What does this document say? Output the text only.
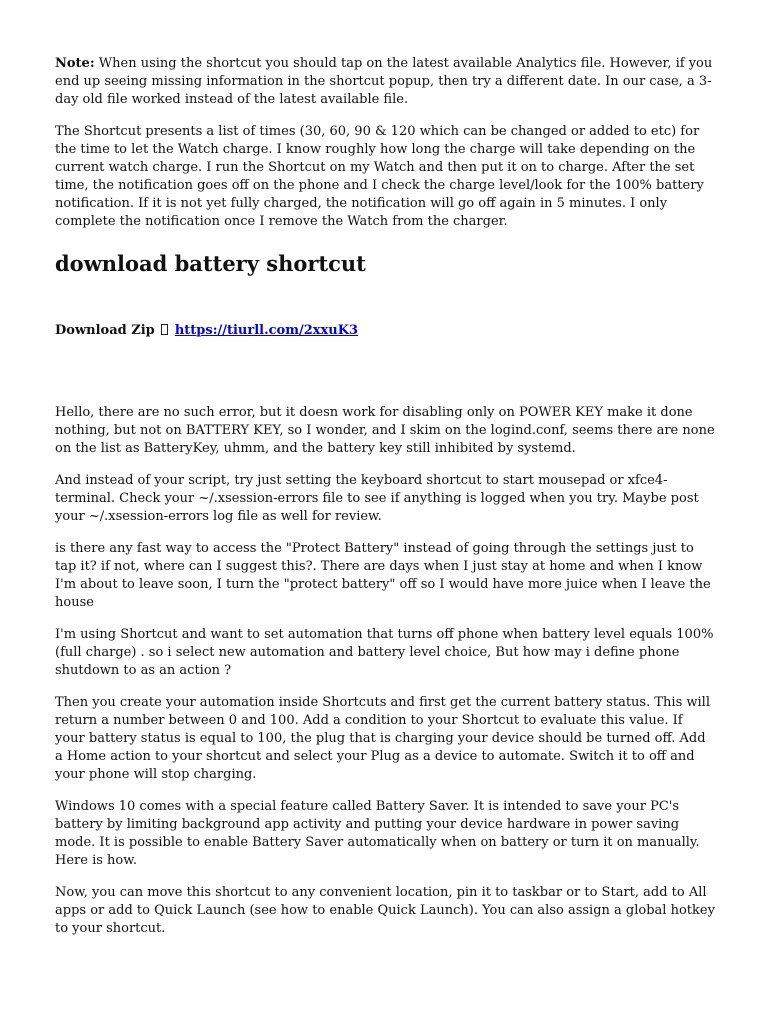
Note: When using the shortcut you should tap on the latest available Analytics file. However, if you end up seeing missing information in the shortcut popup, then try a different date. In our case, a 3-day old file worked instead of the latest available file.

The Shortcut presents a list of times (30, 60, 90 & 120 which can be changed or added to etc) for the time to let the Watch charge. I know roughly how long the charge will take depending on the current watch charge. I run the Shortcut on my Watch and then put it on to charge. After the set time, the notification goes off on the phone and I check the charge level/look for the 100% battery notification. If it is not yet fully charged, the notification will go off again in 5 minutes. I only complete the notification once I remove the Watch from the charger.

download battery shortcut
Download Zip https://tiurll.com/2xxuK3

Hello, there are no such error, but it doesn work for disabling only on POWER KEY make it done nothing, but not on BATTERY KEY, so I wonder, and I skim on the logind.conf, seems there are none on the list as BatteryKey, uhmm, and the battery key still inhibited by systemd.

And instead of your script, try just setting the keyboard shortcut to start mousepad or xfce4-terminal. Check your ~/.xsession-errors file to see if anything is logged when you try. Maybe post your ~/.xsession-errors log file as well for review.

is there any fast way to access the "Protect Battery" instead of going through the settings just to tap it? if not, where can I suggest this?. There are days when I just stay at home and when I know I'm about to leave soon, I turn the "protect battery" off so I would have more juice when I leave the house

I'm using Shortcut and want to set automation that turns off phone when battery level equals 100% (full charge) . so i select new automation and battery level choice, But how may i define phone shutdown to as an action ?

Then you create your automation inside Shortcuts and first get the current battery status. This will return a number between 0 and 100. Add a condition to your Shortcut to evaluate this value. If your battery status is equal to 100, the plug that is charging your device should be turned off. Add a Home action to your shortcut and select your Plug as a device to automate. Switch it to off and your phone will stop charging.

Windows 10 comes with a special feature called Battery Saver. It is intended to save your PC's battery by limiting background app activity and putting your device hardware in power saving mode. It is possible to enable Battery Saver automatically when on battery or turn it on manually. Here is how.

Now, you can move this shortcut to any convenient location, pin it to taskbar or to Start, add to All apps or add to Quick Launch (see how to enable Quick Launch). You can also assign a global hotkey to your shortcut.
